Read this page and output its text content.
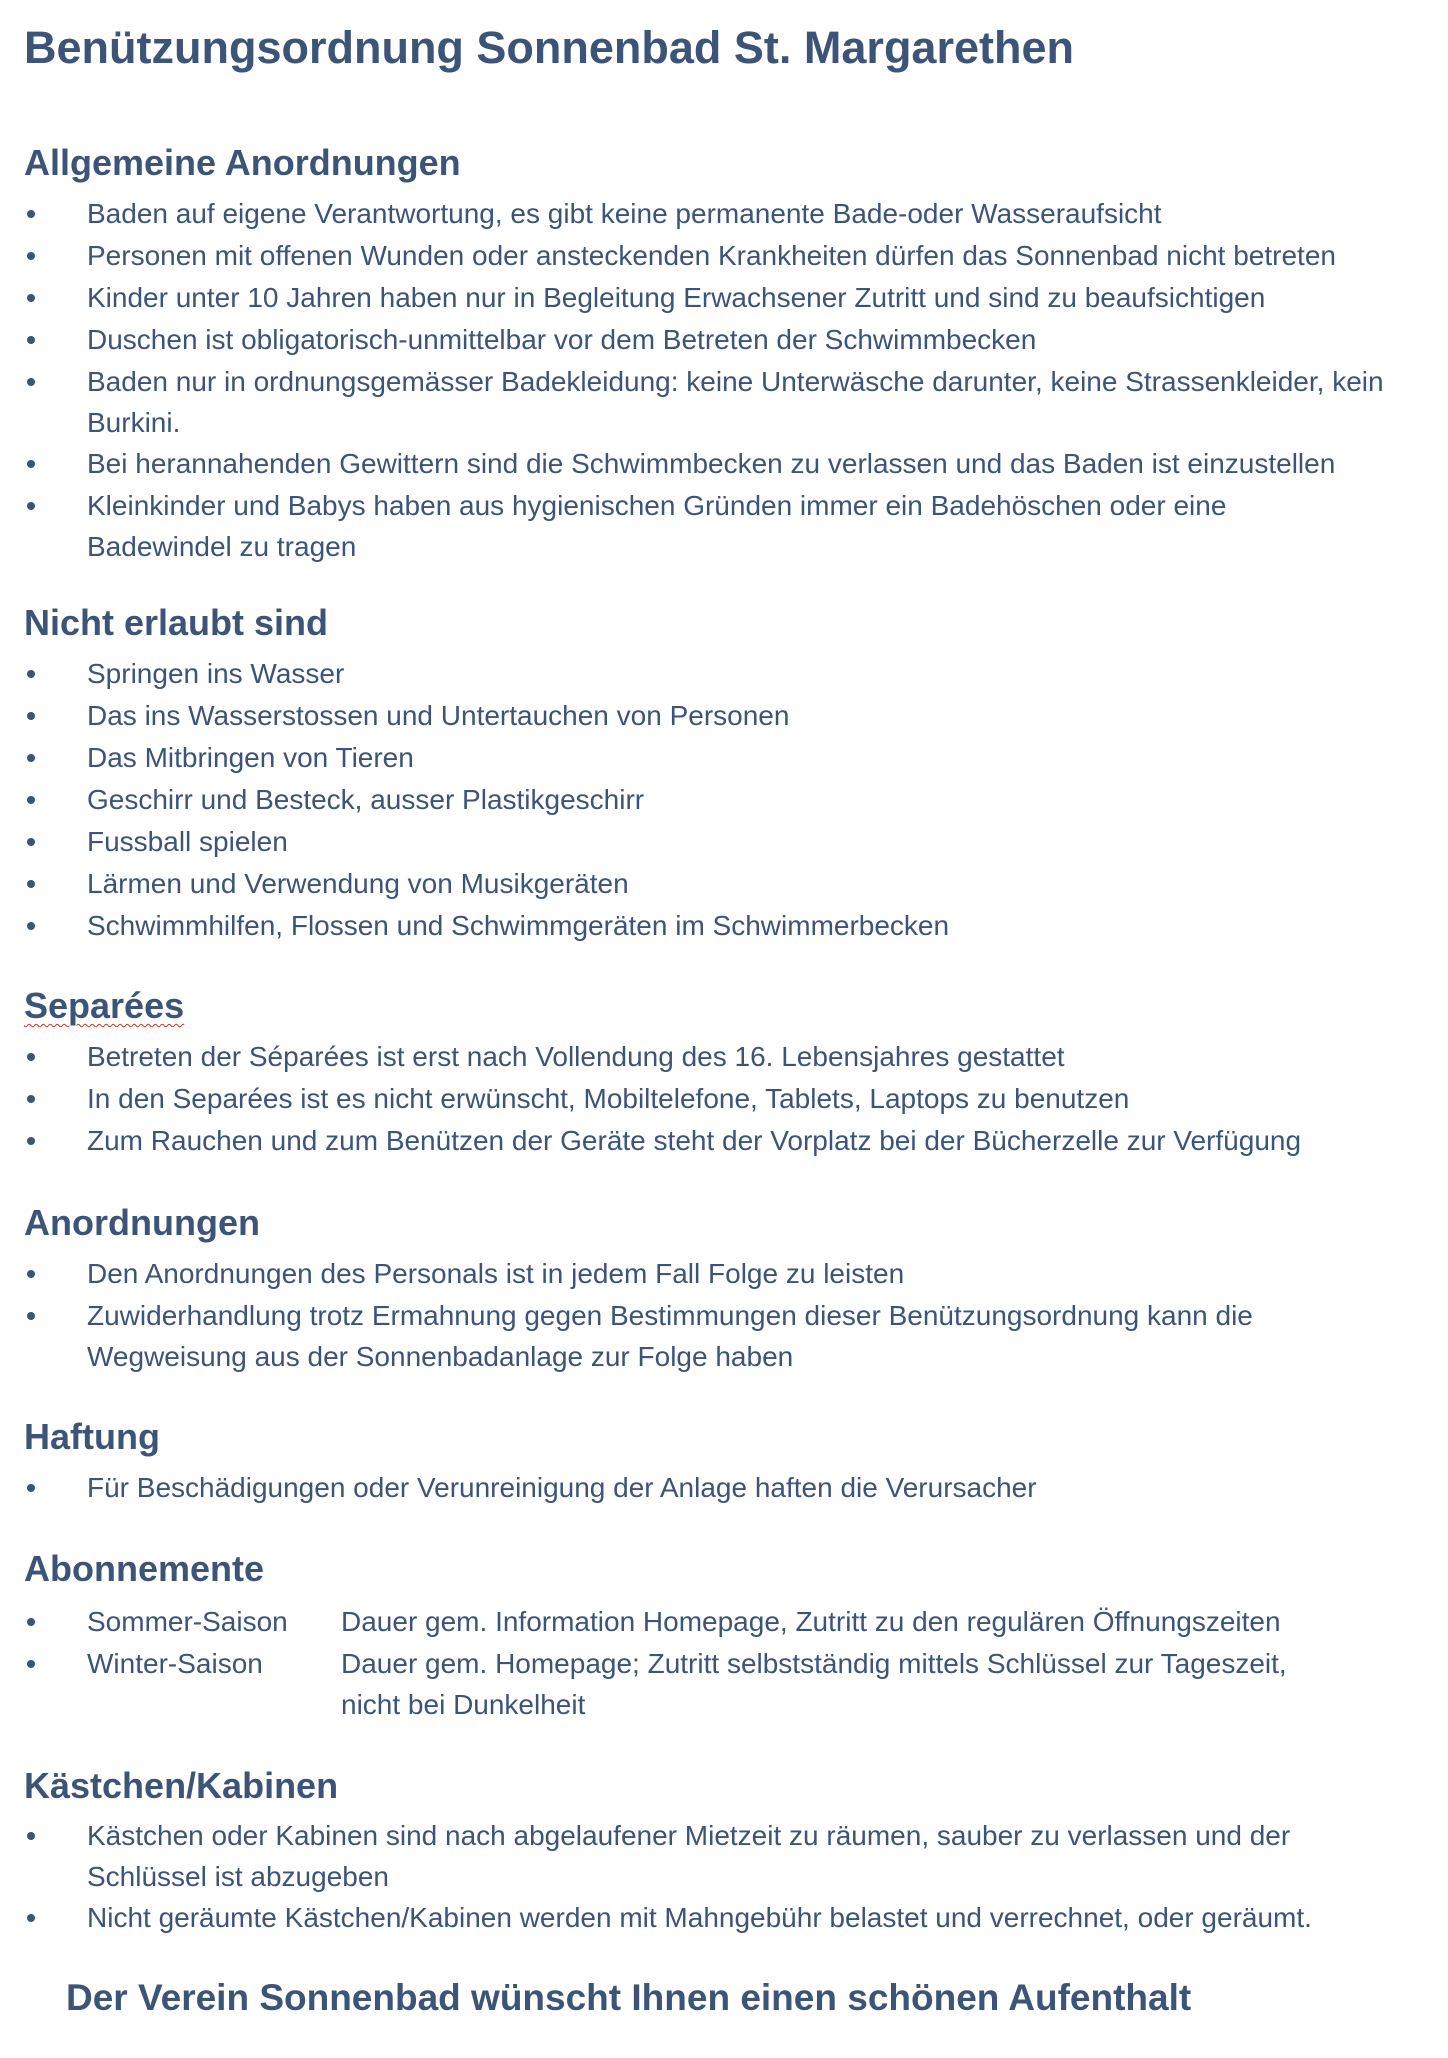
Benützungsordnung Sonnenbad St. Margarethen
Allgemeine Anordnungen
Baden auf eigene Verantwortung, es gibt keine permanente Bade-oder Wasseraufsicht
Personen mit offenen Wunden oder ansteckenden Krankheiten dürfen das Sonnenbad nicht betreten
Kinder unter 10 Jahren haben nur in Begleitung Erwachsener Zutritt und sind zu beaufsichtigen
Duschen ist obligatorisch-unmittelbar vor dem Betreten der Schwimmbecken
Baden nur in ordnungsgemässer Badekleidung: keine Unterwäsche darunter, keine Strassenkleider, kein Burkini.
Bei herannahenden Gewittern sind die Schwimmbecken zu verlassen und das Baden ist einzustellen
Kleinkinder und Babys haben aus hygienischen Gründen immer ein Badehöschen oder eine Badewindel zu tragen
Nicht erlaubt sind
Springen ins Wasser
Das ins Wasserstossen und Untertauchen von Personen
Das Mitbringen von Tieren
Geschirr und Besteck, ausser Plastikgeschirr
Fussball spielen
Lärmen und Verwendung von Musikgeräten
Schwimmhilfen, Flossen und Schwimmgeräten im Schwimmerbecken
Separées
Betreten der Séparées ist erst nach Vollendung des 16. Lebensjahres gestattet
In den Separées ist es nicht erwünscht, Mobiltelefone, Tablets, Laptops zu benutzen
Zum Rauchen und zum Benützen der Geräte steht der Vorplatz bei der Bücherzelle zur Verfügung
Anordnungen
Den Anordnungen des Personals ist in jedem Fall Folge zu leisten
Zuwiderhandlung trotz Ermahnung gegen Bestimmungen dieser Benützungsordnung kann die Wegweisung aus der Sonnenbadanlage zur Folge haben
Haftung
Für Beschädigungen oder Verunreinigung der Anlage haften die Verursacher
Abonnemente
Sommer-Saison Dauer gem. Information Homepage, Zutritt zu den regulären Öffnungszeiten
Winter-Saison	Dauer gem. Homepage; Zutritt selbstständig mittels Schlüssel zur Tageszeit, nicht bei Dunkelheit
Kästchen/Kabinen
Kästchen oder Kabinen sind nach abgelaufener Mietzeit zu räumen, sauber zu verlassen und der Schlüssel ist abzugeben
Nicht geräumte Kästchen/Kabinen werden mit Mahngebühr belastet und verrechnet, oder geräumt.

Der Verein Sonnenbad wünscht Ihnen einen schönen Aufenthalt
